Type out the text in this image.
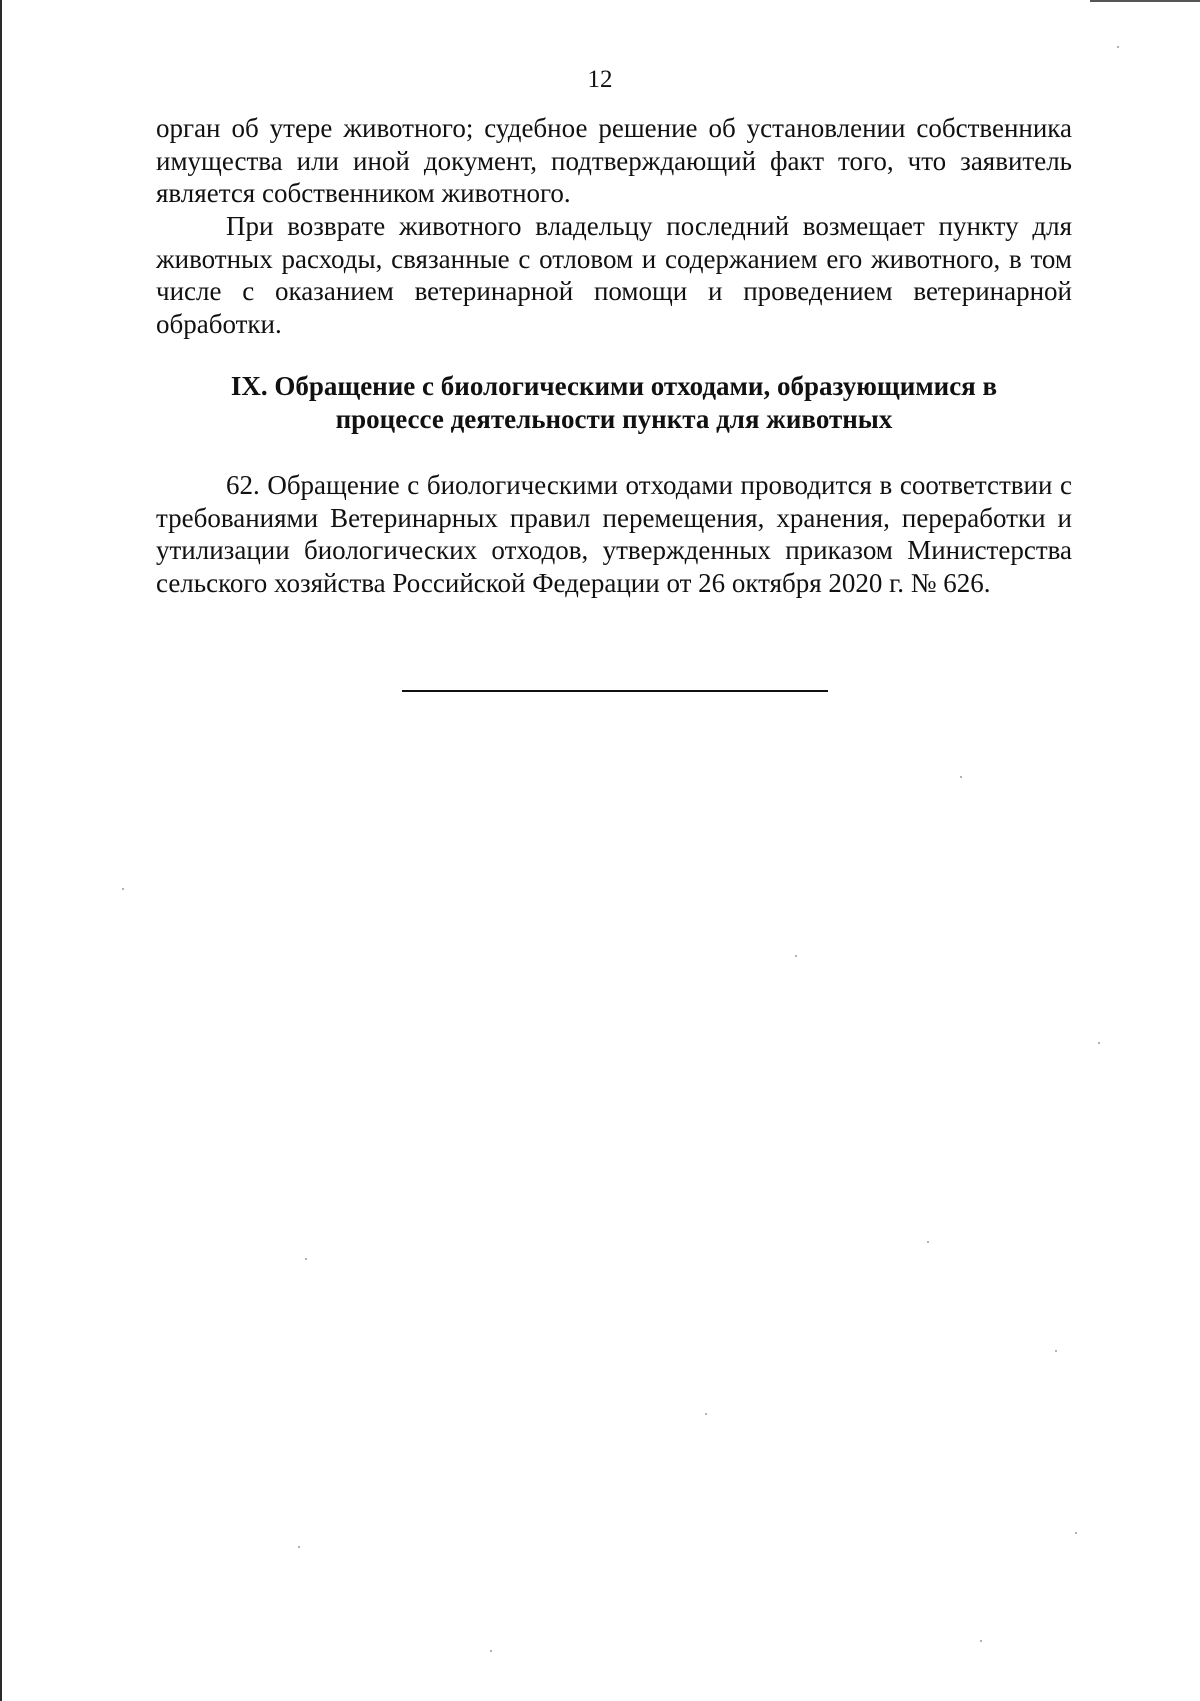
12

орган об утере животного; судебное решение об установлении собственника имущества или иной документ, подтверждающий факт того, что заявитель является собственником животного.

При возврате животного владельцу последний возмещает пункту для животных расходы, связанные с отловом и содержанием его животного, в том числе с оказанием ветеринарной помощи и проведением ветеринарной обработки.

IX. Обращение с биологическими отходами, образующимися в
процессе деятельности пункта для животных

62. Обращение с биологическими отходами проводится в соответствии с требованиями Ветеринарных правил перемещения, хранения, переработки и утилизации биологических отходов, утвержденных приказом Министерства сельского хозяйства Российской Федерации от 26 октября 2020 г. № 626.
